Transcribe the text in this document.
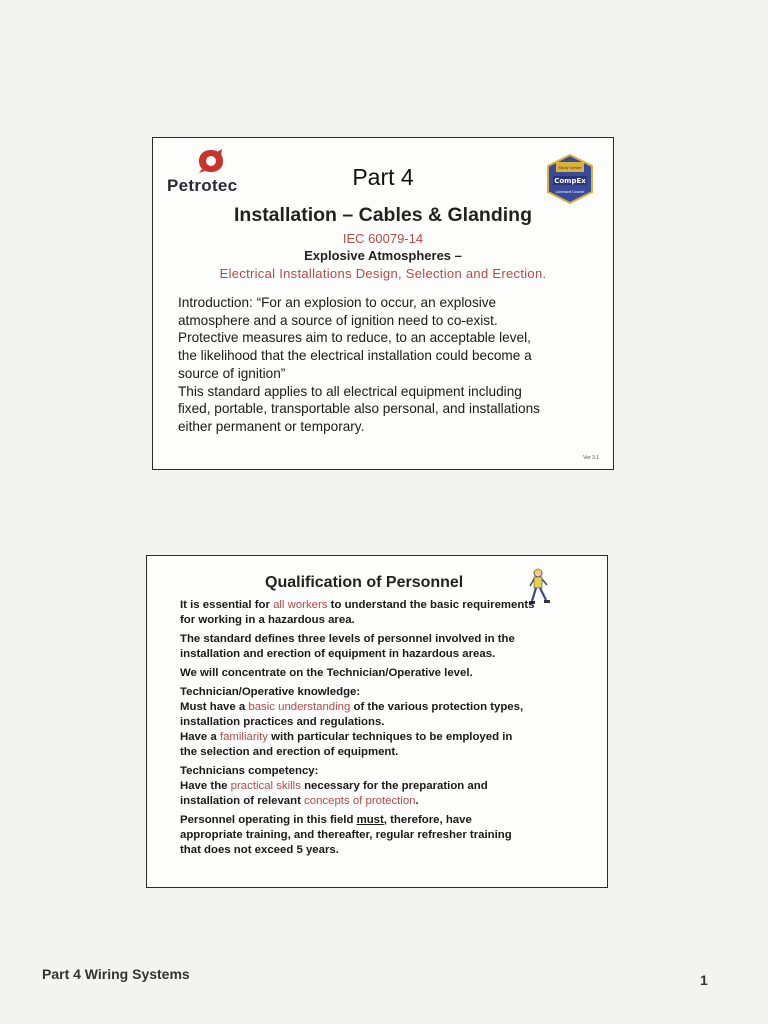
Petrotec	CompEx
Study Centre
Licensed Course
Part 4
Installation – Cables & Glanding
IEC 60079-14
Explosive Atmospheres –
Electrical Installations Design, Selection and Erection.
Introduction: “For an explosion to occur, an explosive
atmosphere and a source of ignition need to co-exist.
Protective measures aim to reduce, to an acceptable level,
the likelihood that the electrical installation could become a
source of ignition”
This standard applies to all electrical equipment including
fixed, portable, transportable also personal, and installations
either permanent or temporary.
Ver 3.1
Qualification of Personnel
It is essential for all workers to understand the basic requirements
for working in a hazardous area.
The standard defines three levels of personnel involved in the
installation and erection of equipment in hazardous areas.
We will concentrate on the Technician/Operative level.
Technician/Operative knowledge:
Must have a basic understanding of the various protection types,
installation practices and regulations.
Have a familiarity with particular techniques to be employed in
the selection and erection of equipment.
Technicians competency:
Have the practical skills necessary for the preparation and
installation of relevant concepts of protection.
Personnel operating in this field must, therefore, have
appropriate training, and thereafter, regular refresher training
that does not exceed 5 years.
Part 4 Wiring Systems	1
